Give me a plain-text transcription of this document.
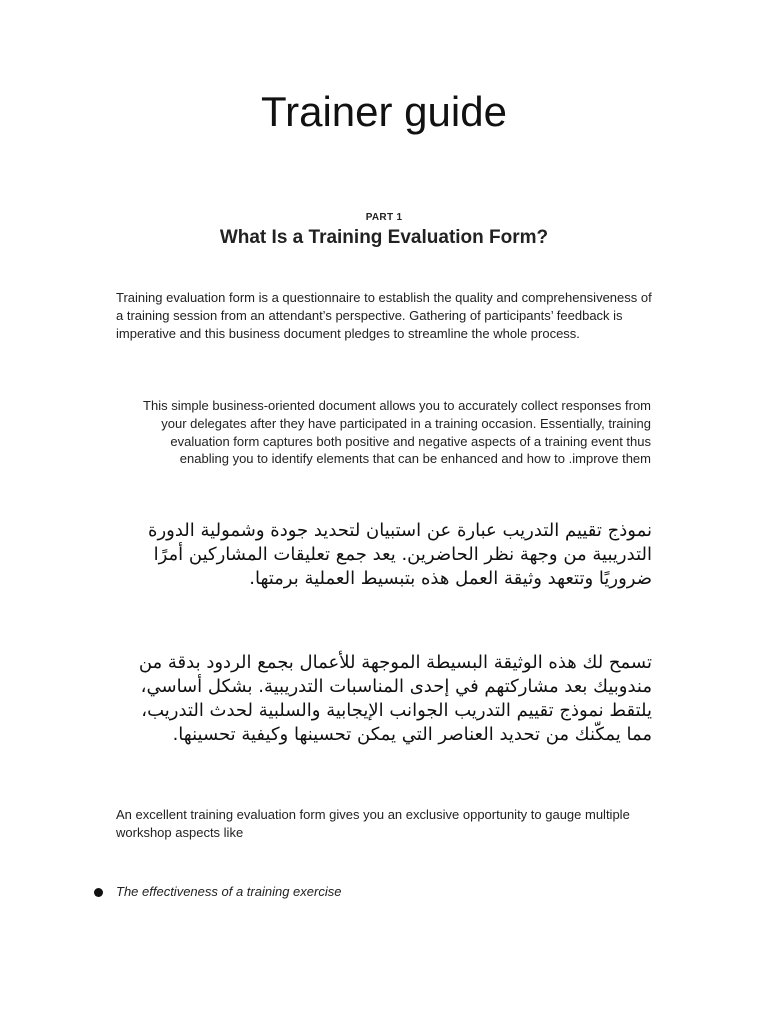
Trainer guide
PART 1
What Is a Training Evaluation Form?

Training evaluation form is a questionnaire to establish the quality and comprehensiveness of a training session from an attendant’s perspective. Gathering of participants’ feedback is imperative and this business document pledges to streamline the whole process.

This simple business-oriented document allows you to accurately collect responses from your delegates after they have participated in a training occasion. Essentially, training evaluation form captures both positive and negative aspects of a training event thus enabling you to identify elements that can be enhanced and how to .improve them

نموذج تقييم التدريب عبارة عن استبيان لتحديد جودة وشمولية الدورة التدريبية من وجهة نظر الحاضرين. يعد جمع تعليقات المشاركين أمرًا ضروريًا وتتعهد وثيقة العمل هذه بتبسيط العملية برمتها.

تسمح لك هذه الوثيقة البسيطة الموجهة للأعمال بجمع الردود بدقة من مندوبيك بعد مشاركتهم في إحدى المناسبات التدريبية. بشكل أساسي، يلتقط نموذج تقييم التدريب الجوانب الإيجابية والسلبية لحدث التدريب، مما يمكّنك من تحديد العناصر التي يمكن تحسينها وكيفية تحسينها.

An excellent training evaluation form gives you an exclusive opportunity to gauge multiple workshop aspects like

The effectiveness of a training exercise
